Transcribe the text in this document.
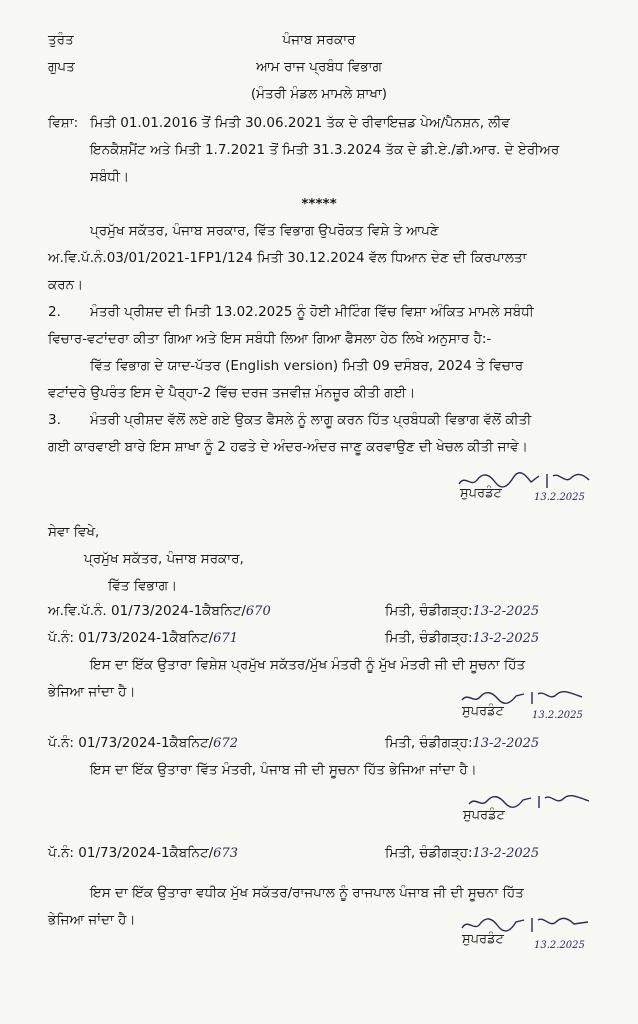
ਤੁਰੰਤ
ਗੁਪਤ
ਪੰਜਾਬ ਸਰਕਾਰ
ਆਮ ਰਾਜ ਪ੍ਰਬੰਧ ਵਿਭਾਗ
(ਮੰਤਰੀ ਮੰਡਲ ਮਾਮਲੇ ਸ਼ਾਖਾ)
ਵਿਸ਼ਾ: ਮਿਤੀ 01.01.2016 ਤੋਂ ਮਿਤੀ 30.06.2021 ਤੱਕ ਦੇ ਰੀਵਾਇਜ਼ਡ ਪੇਅ/ਪੈਨਸ਼ਨ, ਲੀਵ
ਇਨਕੈਸ਼ਮੈਂਟ ਅਤੇ ਮਿਤੀ 1.7.2021 ਤੋਂ ਮਿਤੀ 31.3.2024 ਤੱਕ ਦੇ ਡੀ.ਏ./ਡੀ.ਆਰ. ਦੇ ਏਰੀਅਰ
ਸਬੰਧੀ।
*****
ਪ੍ਰਮੁੱਖ ਸਕੱਤਰ, ਪੰਜਾਬ ਸਰਕਾਰ, ਵਿੱਤ ਵਿਭਾਗ ਉਪਰੋਕਤ ਵਿਸ਼ੇ ਤੇ ਆਪਣੇ
ਅ.ਵਿ.ਪੱ.ਨੰ.03/01/2021-1FP1/124 ਮਿਤੀ 30.12.2024 ਵੱਲ ਧਿਆਨ ਦੇਣ ਦੀ ਕਿਰਪਾਲਤਾ
ਕਰਨ।
2. ਮੰਤਰੀ ਪ੍ਰੀਸ਼ਦ ਦੀ ਮਿਤੀ 13.02.2025 ਨੂੰ ਹੋਈ ਮੀਟਿੰਗ ਵਿੱਚ ਵਿਸ਼ਾ ਅੰਕਿਤ ਮਾਮਲੇ ਸਬੰਧੀ
ਵਿਚਾਰ-ਵਟਾਂਦਰਾ ਕੀਤਾ ਗਿਆ ਅਤੇ ਇਸ ਸਬੰਧੀ ਲਿਆ ਗਿਆ ਫੈਸਲਾ ਹੇਠ ਲਿਖੇ ਅਨੁਸਾਰ ਹੈ:-
ਵਿੱਤ ਵਿਭਾਗ ਦੇ ਯਾਦ-ਪੱਤਰ (English version) ਮਿਤੀ 09 ਦਸੰਬਰ, 2024 ਤੇ ਵਿਚਾਰ
ਵਟਾਂਦਰੇ ਉਪਰੰਤ ਇਸ ਦੇ ਪੈਰ੍ਹਾ-2 ਵਿੱਚ ਦਰਜ ਤਜਵੀਜ਼ ਮੰਨਜ਼ੂਰ ਕੀਤੀ ਗਈ।
3. ਮੰਤਰੀ ਪ੍ਰੀਸ਼ਦ ਵੱਲੋਂ ਲਏ ਗਏ ਉਕਤ ਫੈਸਲੇ ਨੂੰ ਲਾਗੂ ਕਰਨ ਹਿੱਤ ਪ੍ਰਬੰਧਕੀ ਵਿਭਾਗ ਵੱਲੋਂ ਕੀਤੀ
ਗਈ ਕਾਰਵਾਈ ਬਾਰੇ ਇਸ ਸ਼ਾਖਾ ਨੂੰ 2 ਹਫਤੇ ਦੇ ਅੰਦਰ-ਅੰਦਰ ਜਾਣੂ ਕਰਵਾਉਣ ਦੀ ਖੇਚਲ ਕੀਤੀ ਜਾਵੇ।
ਸੁਪਰਡੰਟ	13.2.2025
ਸੇਵਾ ਵਿਖੇ,
ਪ੍ਰਮੁੱਖ ਸਕੱਤਰ, ਪੰਜਾਬ ਸਰਕਾਰ,
ਵਿੱਤ ਵਿਭਾਗ।
ਅ.ਵਿ.ਪੱ.ਨੰ. 01/73/2024-1ਕੈਬਨਿਟ/670	ਮਿਤੀ, ਚੰਡੀਗੜ੍ਹ:13-2-2025
ਪੱ.ਨੰ: 01/73/2024-1ਕੈਬਨਿਟ/671	ਮਿਤੀ, ਚੰਡੀਗੜ੍ਹ:13-2-2025
ਇਸ ਦਾ ਇੱਕ ਉਤਾਰਾ ਵਿਸ਼ੇਸ਼ ਪ੍ਰਮੁੱਖ ਸਕੱਤਰ/ਮੁੱਖ ਮੰਤਰੀ ਨੂੰ ਮੁੱਖ ਮੰਤਰੀ ਜੀ ਦੀ ਸੂਚਨਾ ਹਿੱਤ
ਭੇਜਿਆ ਜਾਂਦਾ ਹੈ।
ਸੁਪਰਡੰਟ	13.2.2025
ਪੱ.ਨੰ: 01/73/2024-1ਕੈਬਨਿਟ/672	ਮਿਤੀ, ਚੰਡੀਗੜ੍ਹ:13-2-2025
ਇਸ ਦਾ ਇੱਕ ਉਤਾਰਾ ਵਿੱਤ ਮੰਤਰੀ, ਪੰਜਾਬ ਜੀ ਦੀ ਸੂਚਨਾ ਹਿੱਤ ਭੇਜਿਆ ਜਾਂਦਾ ਹੈ।
ਸੁਪਰਡੰਟ
ਪੱ.ਨੰ: 01/73/2024-1ਕੈਬਨਿਟ/673	ਮਿਤੀ, ਚੰਡੀਗੜ੍ਹ:13-2-2025
ਇਸ ਦਾ ਇੱਕ ਉਤਾਰਾ ਵਧੀਕ ਮੁੱਖ ਸਕੱਤਰ/ਰਾਜਪਾਲ ਨੂੰ ਰਾਜਪਾਲ ਪੰਜਾਬ ਜੀ ਦੀ ਸੂਚਨਾ ਹਿੱਤ
ਭੇਜਿਆ ਜਾਂਦਾ ਹੈ।
ਸੁਪਰਡੰਟ	13.2.2025
